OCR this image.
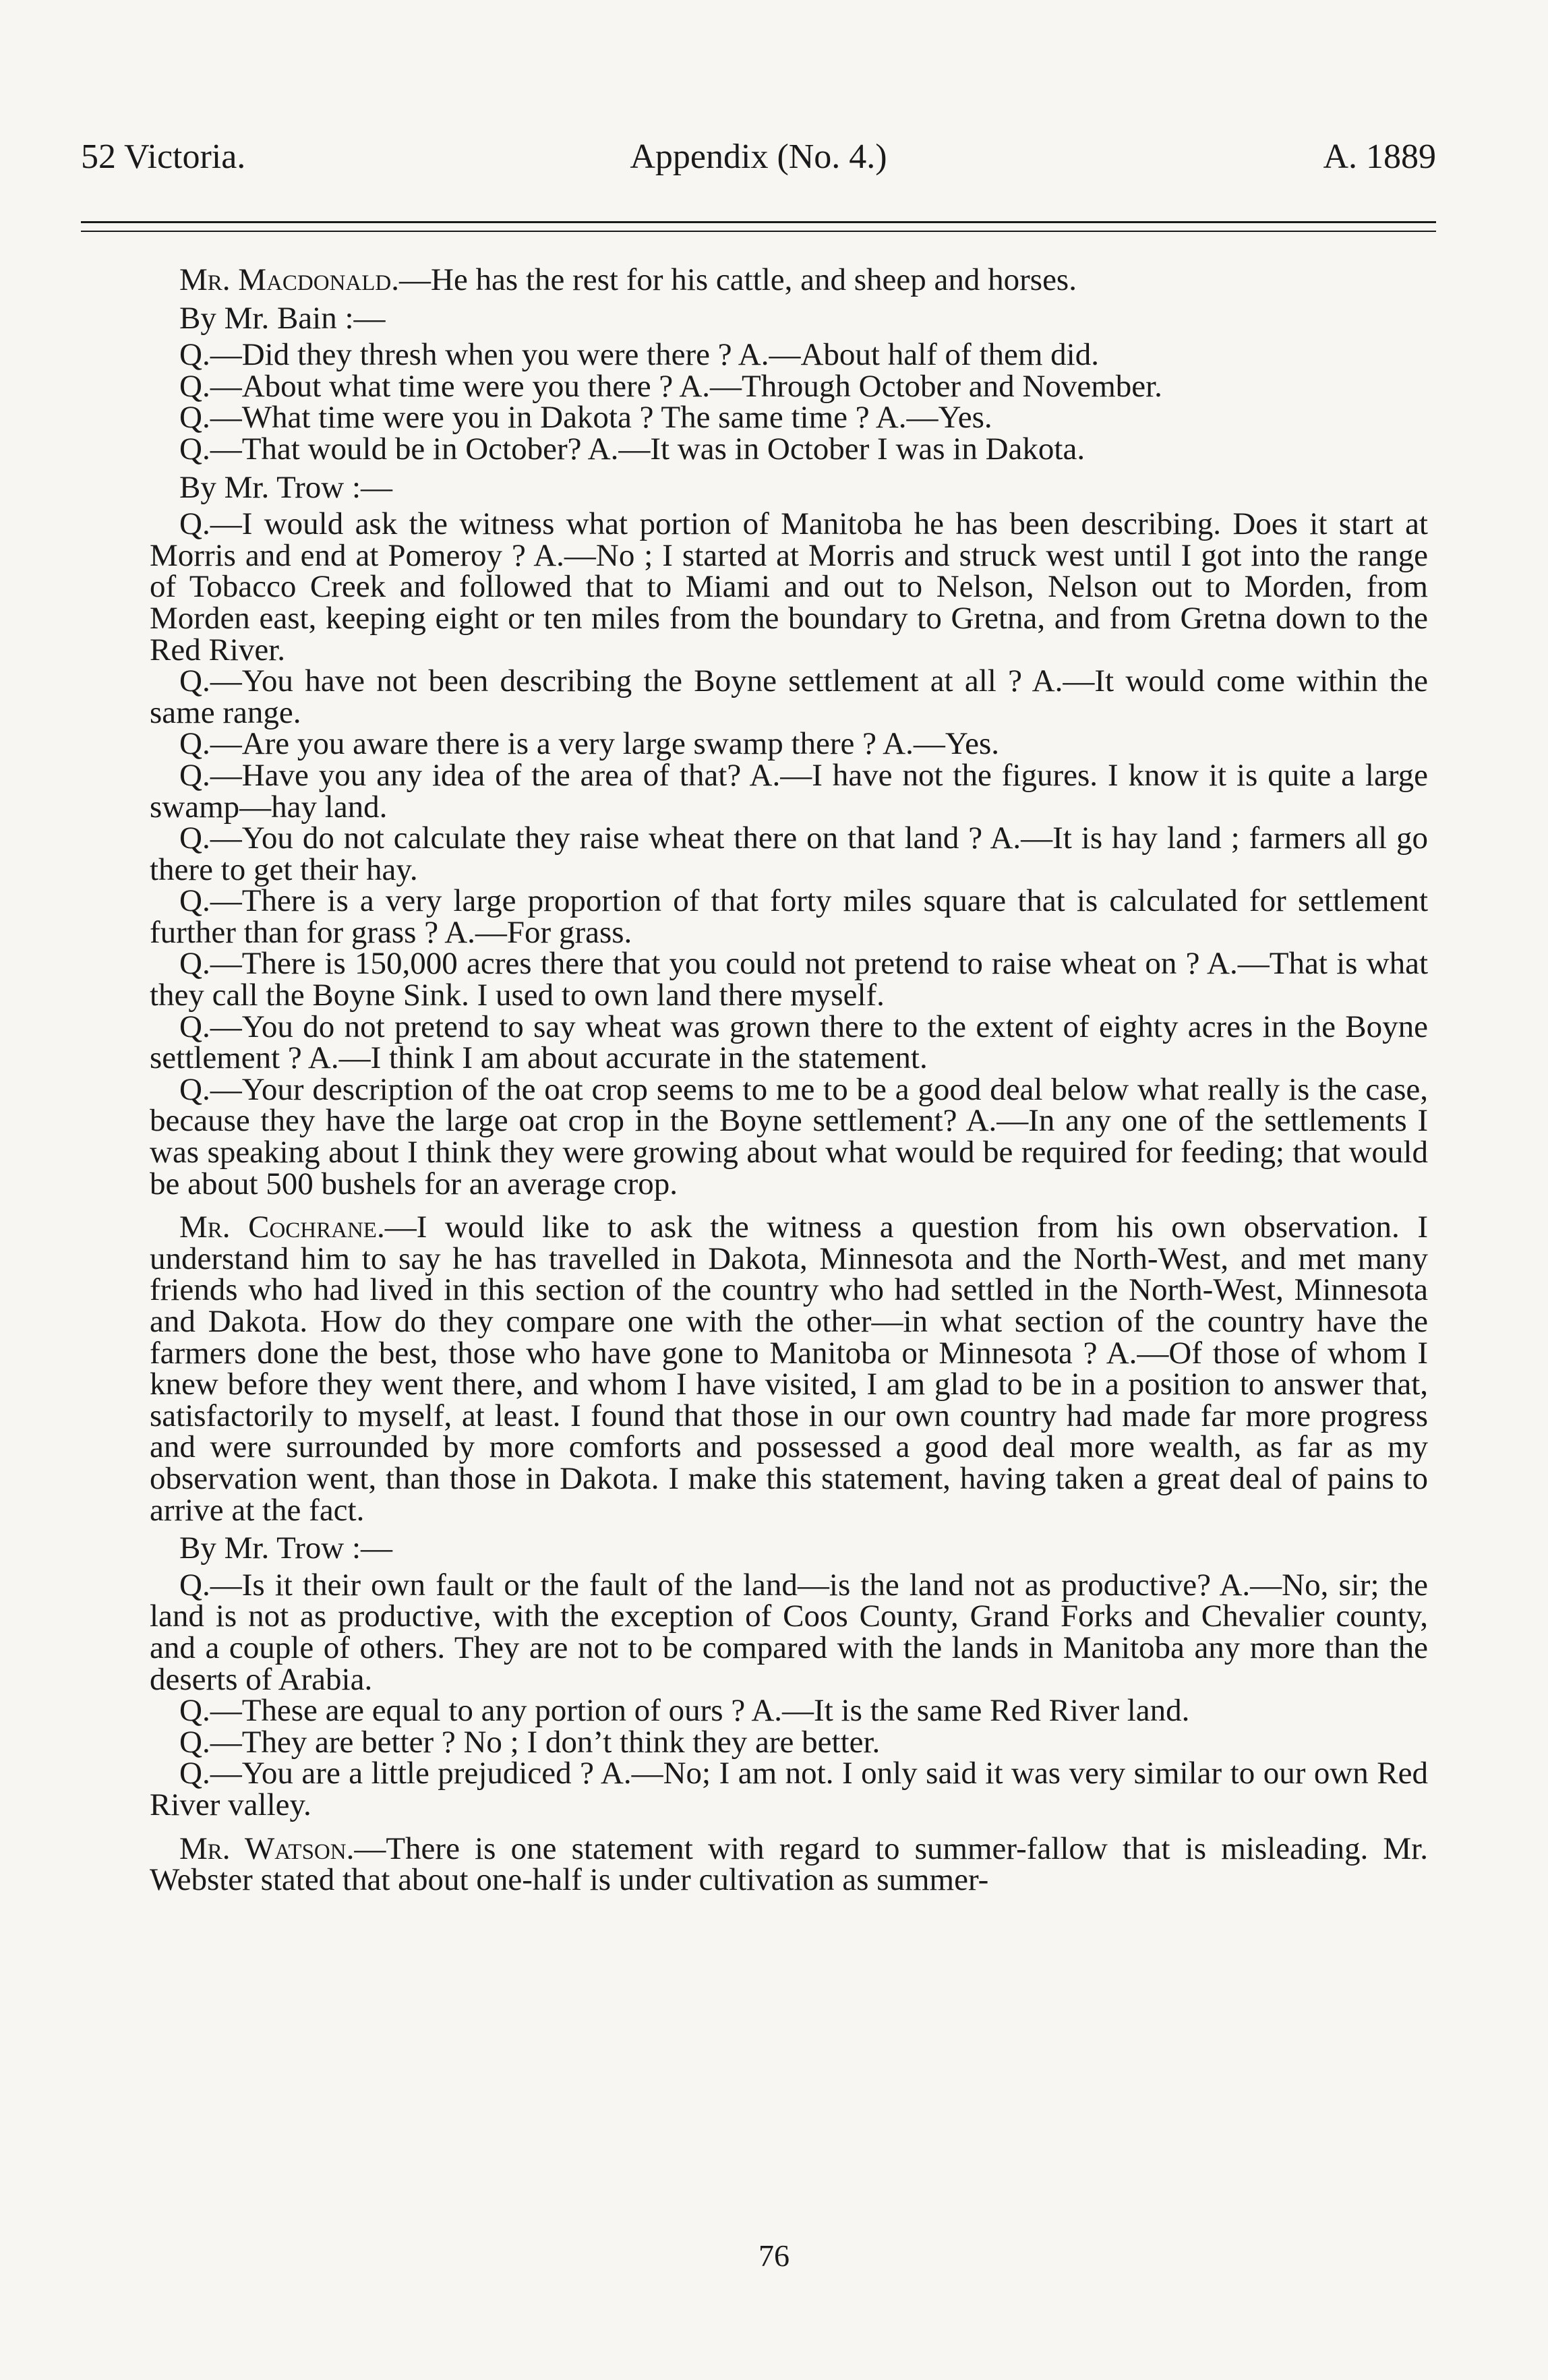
52 Victoria.	Appendix (No. 4.)	A. 1889

Mr. Macdonald.—He has the rest for his cattle, and sheep and horses.

By Mr. Bain :—

Q.—Did they thresh when you were there ? A.—About half of them did.

Q.—About what time were you there ? A.—Through October and November.

Q.—What time were you in Dakota ? The same time ? A.—Yes.

Q.—That would be in October? A.—It was in October I was in Dakota.

By Mr. Trow :—

Q.—I would ask the witness what portion of Manitoba he has been describing. Does it start at Morris and end at Pomeroy ? A.—No ; I started at Morris and struck west until I got into the range of Tobacco Creek and followed that to Miami and out to Nelson, Nelson out to Morden, from Morden east, keeping eight or ten miles from the boundary to Gretna, and from Gretna down to the Red River.

Q.—You have not been describing the Boyne settlement at all ? A.—It would come within the same range.

Q.—Are you aware there is a very large swamp there ? A.—Yes.

Q.—Have you any idea of the area of that? A.—I have not the figures. I know it is quite a large swamp—hay land.

Q.—You do not calculate they raise wheat there on that land ? A.—It is hay land ; farmers all go there to get their hay.

Q.—There is a very large proportion of that forty miles square that is calculated for settlement further than for grass ? A.—For grass.

Q.—There is 150,000 acres there that you could not pretend to raise wheat on ? A.—That is what they call the Boyne Sink. I used to own land there myself.

Q.—You do not pretend to say wheat was grown there to the extent of eighty acres in the Boyne settlement ? A.—I think I am about accurate in the statement.

Q.—Your description of the oat crop seems to me to be a good deal below what really is the case, because they have the large oat crop in the Boyne settlement? A.—In any one of the settlements I was speaking about I think they were growing about what would be required for feeding; that would be about 500 bushels for an average crop.

Mr. Cochrane.—I would like to ask the witness a question from his own observation. I understand him to say he has travelled in Dakota, Minnesota and the North-West, and met many friends who had lived in this section of the country who had settled in the North-West, Minnesota and Dakota. How do they compare one with the other—in what section of the country have the farmers done the best, those who have gone to Manitoba or Minnesota ? A.—Of those of whom I knew before they went there, and whom I have visited, I am glad to be in a position to answer that, satisfactorily to myself, at least. I found that those in our own country had made far more progress and were surrounded by more comforts and possessed a good deal more wealth, as far as my observation went, than those in Dakota. I make this statement, having taken a great deal of pains to arrive at the fact.

By Mr. Trow :—

Q.—Is it their own fault or the fault of the land—is the land not as productive? A.—No, sir; the land is not as productive, with the exception of Coos County, Grand Forks and Chevalier county, and a couple of others. They are not to be compared with the lands in Manitoba any more than the deserts of Arabia.

Q.—These are equal to any portion of ours ? A.—It is the same Red River land.

Q.—They are better ? No ; I don’t think they are better.

Q.—You are a little prejudiced ? A.—No; I am not. I only said it was very similar to our own Red River valley.

Mr. Watson.—There is one statement with regard to summer-fallow that is misleading. Mr. Webster stated that about one-half is under cultivation as summer-

76
